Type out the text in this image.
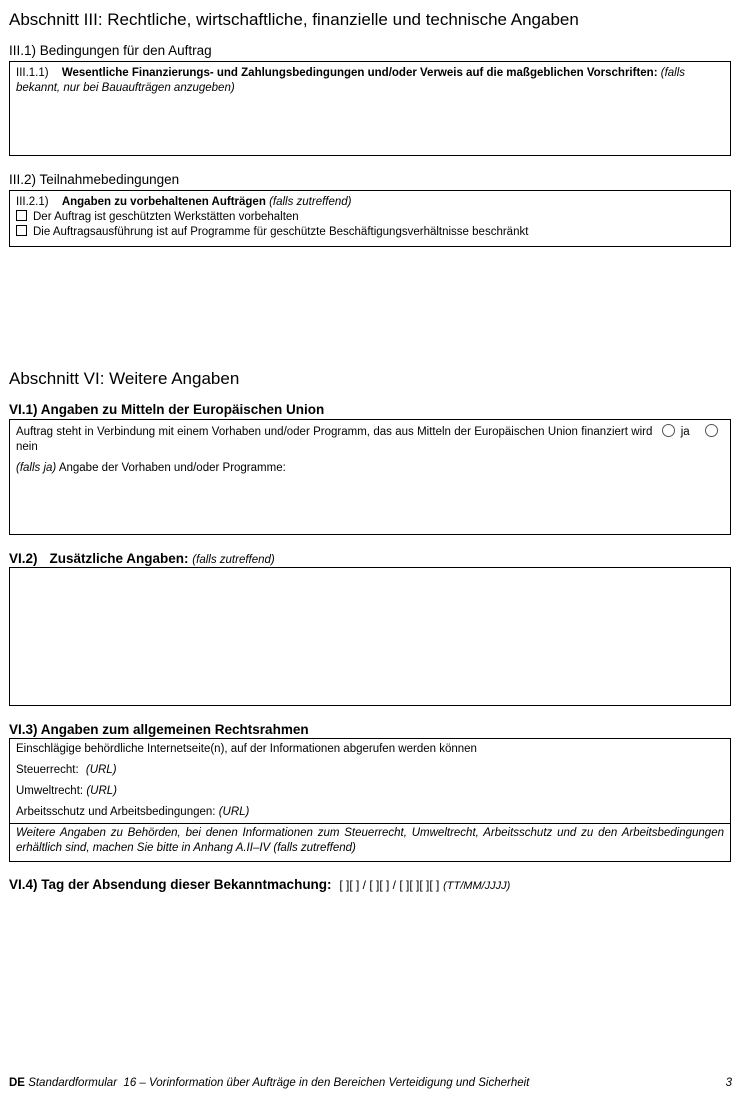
Abschnitt III: Rechtliche, wirtschaftliche, finanzielle und technische Angaben
III.1) Bedingungen für den Auftrag
III.1.1) Wesentliche Finanzierungs- und Zahlungsbedingungen und/oder Verweis auf die maßgeblichen Vorschriften: (falls bekannt, nur bei Bauaufträgen anzugeben)
III.2) Teilnahmebedingungen
III.2.1) Angaben zu vorbehaltenen Aufträgen (falls zutreffend)
Der Auftrag ist geschützten Werkstätten vorbehalten
Die Auftragsausführung ist auf Programme für geschützte Beschäftigungsverhältnisse beschränkt
Abschnitt VI: Weitere Angaben
VI.1) Angaben zu Mitteln der Europäischen Union
Auftrag steht in Verbindung mit einem Vorhaben und/oder Programm, das aus Mitteln der Europäischen Union finanziert wird ja nein
(falls ja) Angabe der Vorhaben und/oder Programme:
VI.2) Zusätzliche Angaben: (falls zutreffend)
VI.3) Angaben zum allgemeinen Rechtsrahmen
Einschlägige behördliche Internetseite(n), auf der Informationen abgerufen werden können
Steuerrecht: (URL)
Umweltrecht: (URL)
Arbeitsschutz und Arbeitsbedingungen: (URL)
Weitere Angaben zu Behörden, bei denen Informationen zum Steuerrecht, Umweltrecht, Arbeitsschutz und zu den Arbeitsbedingungen erhältlich sind, machen Sie bitte in Anhang A.II–IV (falls zutreffend)
VI.4) Tag der Absendung dieser Bekanntmachung: [ ][ ] / [ ][ ] / [ ][ ][ ][ ] (TT/MM/JJJJ)
DE Standardformular  16 – Vorinformation über Aufträge in den Bereichen Verteidigung und Sicherheit	3
